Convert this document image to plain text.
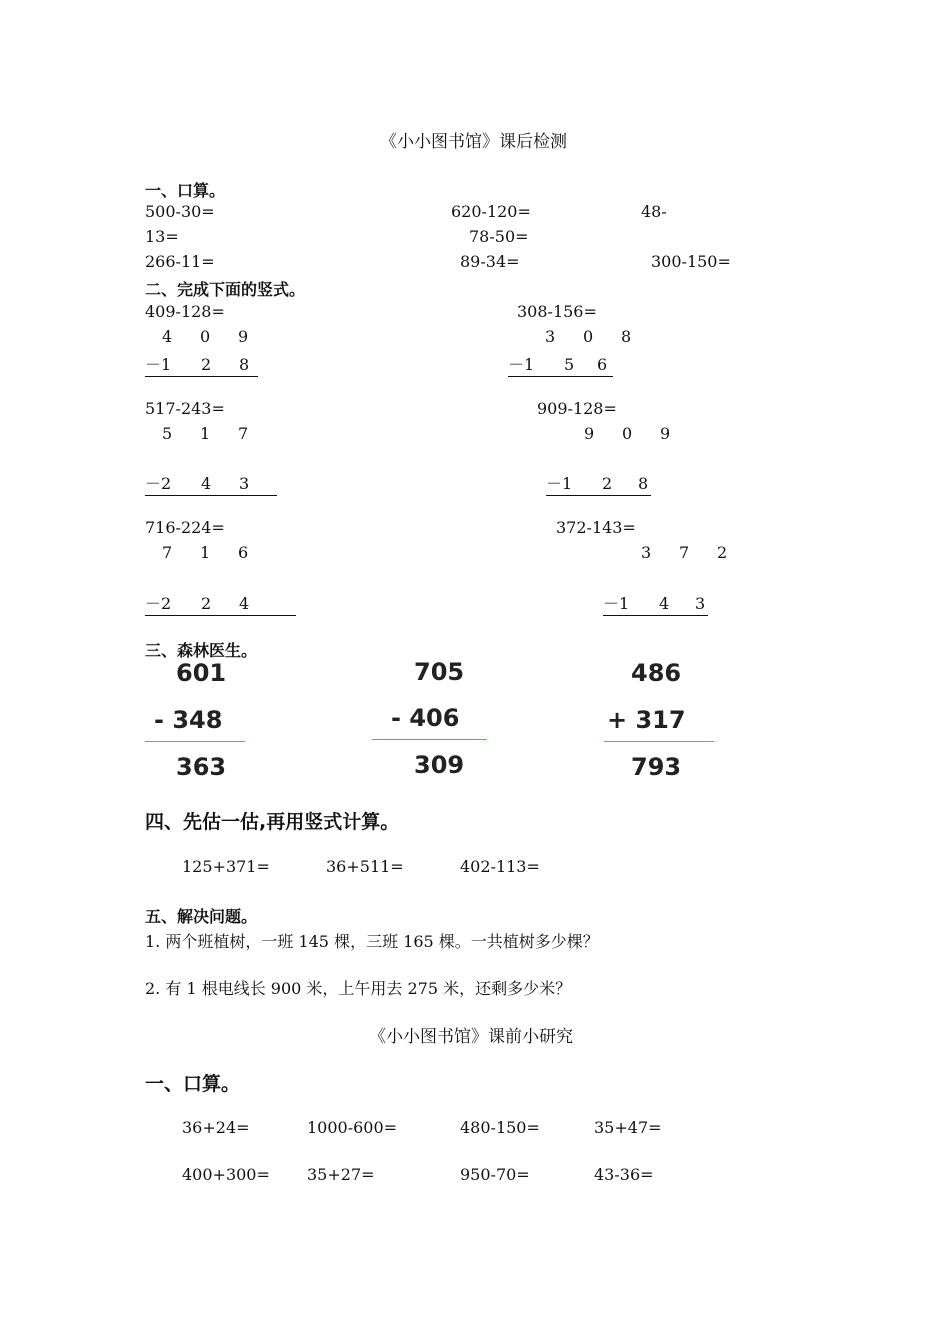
《小小图书馆》课后检测
一、口算。
500-30=	620-120=	48-
13=	78-50=
266-11=	89-34=	300-150=
二、完成下面的竖式。
409-128=
4 0 9
－1 2 8
308-156=
3 0 8
－1 5 6
517-243=
5 1 7
－2 4 3
909-128=
9 0 9
－1 2 8
716-224=
7 1 6
－2 2 4
372-143=
3 7 2
－1 4 3
三、森林医生。
601
- 348
363
705
- 406
309
486
+ 317
793
四、先估一估,再用竖式计算。
125+371=	36+511=	402-113=
五、解决问题。
1. 两个班植树，一班 145 棵，三班 165 棵。一共植树多少棵？
2. 有 1 根电线长 900 米，上午用去 275 米，还剩多少米？
《小小图书馆》课前小研究
一、口算。
36+24=	1000-600=	480-150=	35+47=
400+300= 35+27=	950-70=	43-36=
